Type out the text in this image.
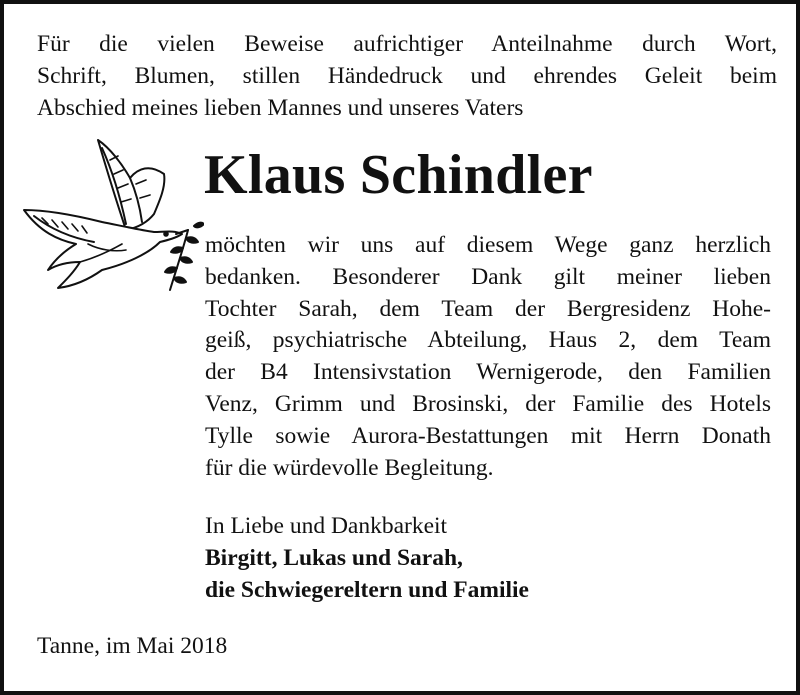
Für die vielen Beweise aufrichtiger Anteilnahme durch Wort,
Schrift, Blumen, stillen Händedruck und ehrendes Geleit beim
Abschied meines lieben Mannes und unseres Vaters
Klaus Schindler
möchten wir uns auf diesem Wege ganz herzlich
bedanken. Besonderer Dank gilt meiner lieben
Tochter Sarah, dem Team der Bergresidenz Hohe-
geiß, psychiatrische Abteilung, Haus 2, dem Team
der B4 Intensivstation Wernigerode, den Familien
Venz, Grimm und Brosinski, der Familie des Hotels
Tylle sowie Aurora-Bestattungen mit Herrn Donath
für die würdevolle Begleitung.
In Liebe und Dankbarkeit
Birgitt, Lukas und Sarah,
die Schwiegereltern und Familie
Tanne, im Mai 2018
